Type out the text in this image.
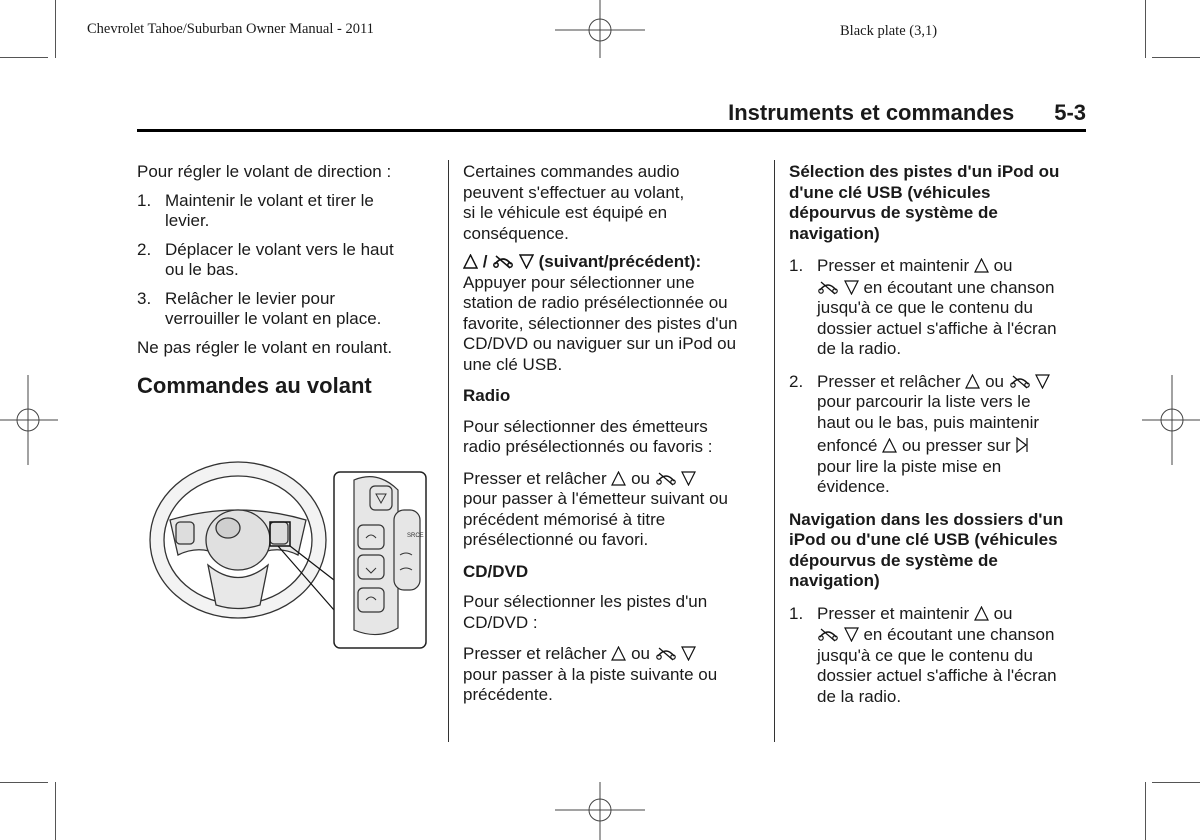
Chevrolet Tahoe/Suburban Owner Manual - 2011	Black plate (3,1)
Instruments et commandes 5-3

Pour régler le volant de direction :

1. Maintenir le volant et tirer le
levier.
2. Déplacer le volant vers le haut
ou le bas.
3. Relâcher le levier pour
verrouiller le volant en place.

Ne pas régler le volant en roulant.

Commandes au volant

SRCE

Certaines commandes audio

peuvent s'effectuer au volant,

si le véhicule est équipé en

conséquence.

/	(suivant/précédent):

Appuyer pour sélectionner une

station de radio présélectionnée ou

favorite, sélectionner des pistes d'un

CD/DVD ou naviguer sur un iPod ou

une clé USB.

Radio

Pour sélectionner des émetteurs

radio présélectionnés ou favoris :

Presser et relâcher ou

pour passer à l'émetteur suivant ou

précédent mémorisé à titre

présélectionné ou favori.

CD/DVD

Pour sélectionner les pistes d'un

CD/DVD :

Presser et relâcher ou

pour passer à la piste suivante ou

précédente.

Sélection des pistes d'un iPod ou

d'une clé USB (véhicules

dépourvus de système de

navigation)

1. Presser et maintenir ou

en écoutant une chanson

jusqu'à ce que le contenu du

dossier actuel s'affiche à l'écran

de la radio.

2. Presser et relâcher ou

pour parcourir la liste vers le

haut ou le bas, puis maintenir

enfoncé ou presser sur

pour lire la piste mise en

évidence.

Navigation dans les dossiers d'un

iPod ou d'une clé USB (véhicules

dépourvus de système de

navigation)

1. Presser et maintenir ou

en écoutant une chanson

jusqu'à ce que le contenu du

dossier actuel s'affiche à l'écran

de la radio.
